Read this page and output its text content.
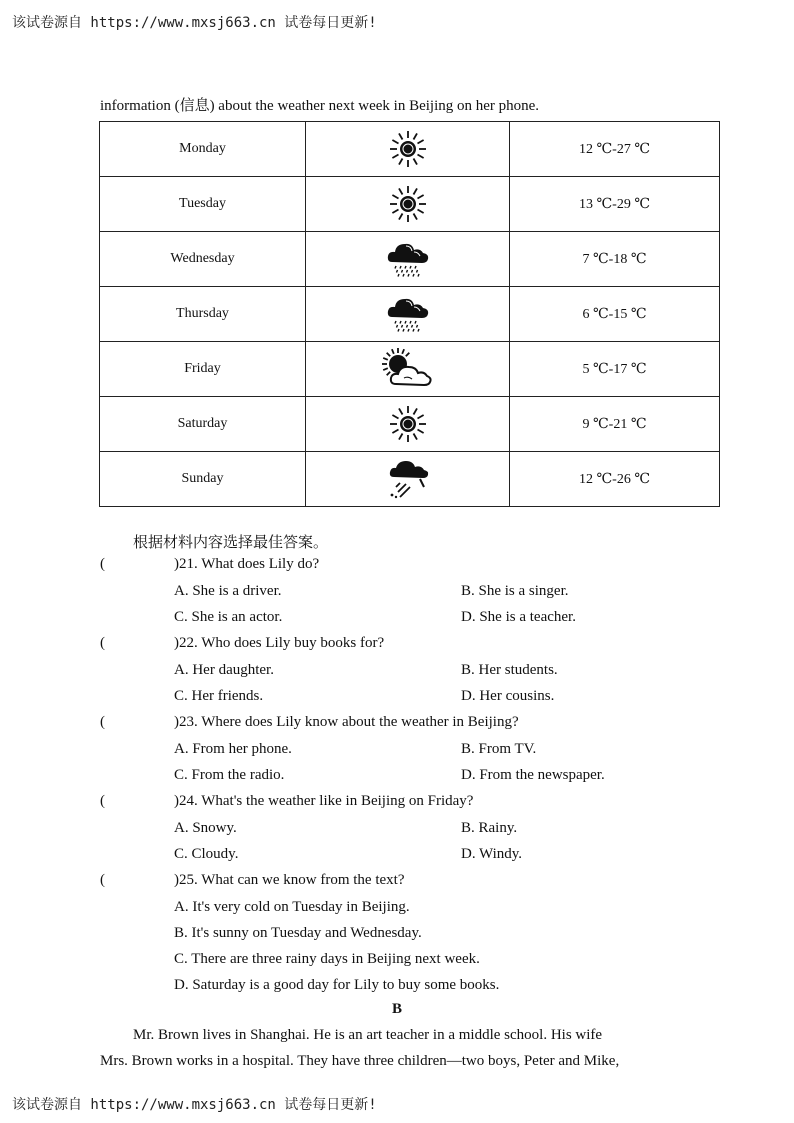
该试卷源自 https://www.mxsj663.cn 试卷每日更新!
information (信息) about the weather next week in Beijing on her phone.
Monday		12 ℃-27 ℃
Tuesday		13 ℃-29 ℃
Wednesday		7 ℃-18 ℃
Thursday		6 ℃-15 ℃
Friday		5 ℃-17 ℃
Saturday		9 ℃-21 ℃
Sunday		12 ℃-26 ℃
根据材料内容选择最佳答案。
(	)21. What does Lily do?
A. She is a driver.	B. She is a singer.
C. She is an actor.	D. She is a teacher.
(	)22. Who does Lily buy books for?
A. Her daughter.	B. Her students.
C. Her friends.	D. Her cousins.
(	)23. Where does Lily know about the weather in Beijing?
A. From her phone.	B. From TV.
C. From the radio.	D. From the newspaper.
(	)24. What's the weather like in Beijing on Friday?
A. Snowy.	B. Rainy.
C. Cloudy.	D. Windy.
(	)25. What can we know from the text?
A. It's very cold on Tuesday in Beijing.
B. It's sunny on Tuesday and Wednesday.
C. There are three rainy days in Beijing next week.
D. Saturday is a good day for Lily to buy some books.
B
Mr. Brown lives in Shanghai. He is an art teacher in a middle school. His wife
Mrs. Brown works in a hospital. They have three children—two boys, Peter and Mike,
该试卷源自 https://www.mxsj663.cn 试卷每日更新!
